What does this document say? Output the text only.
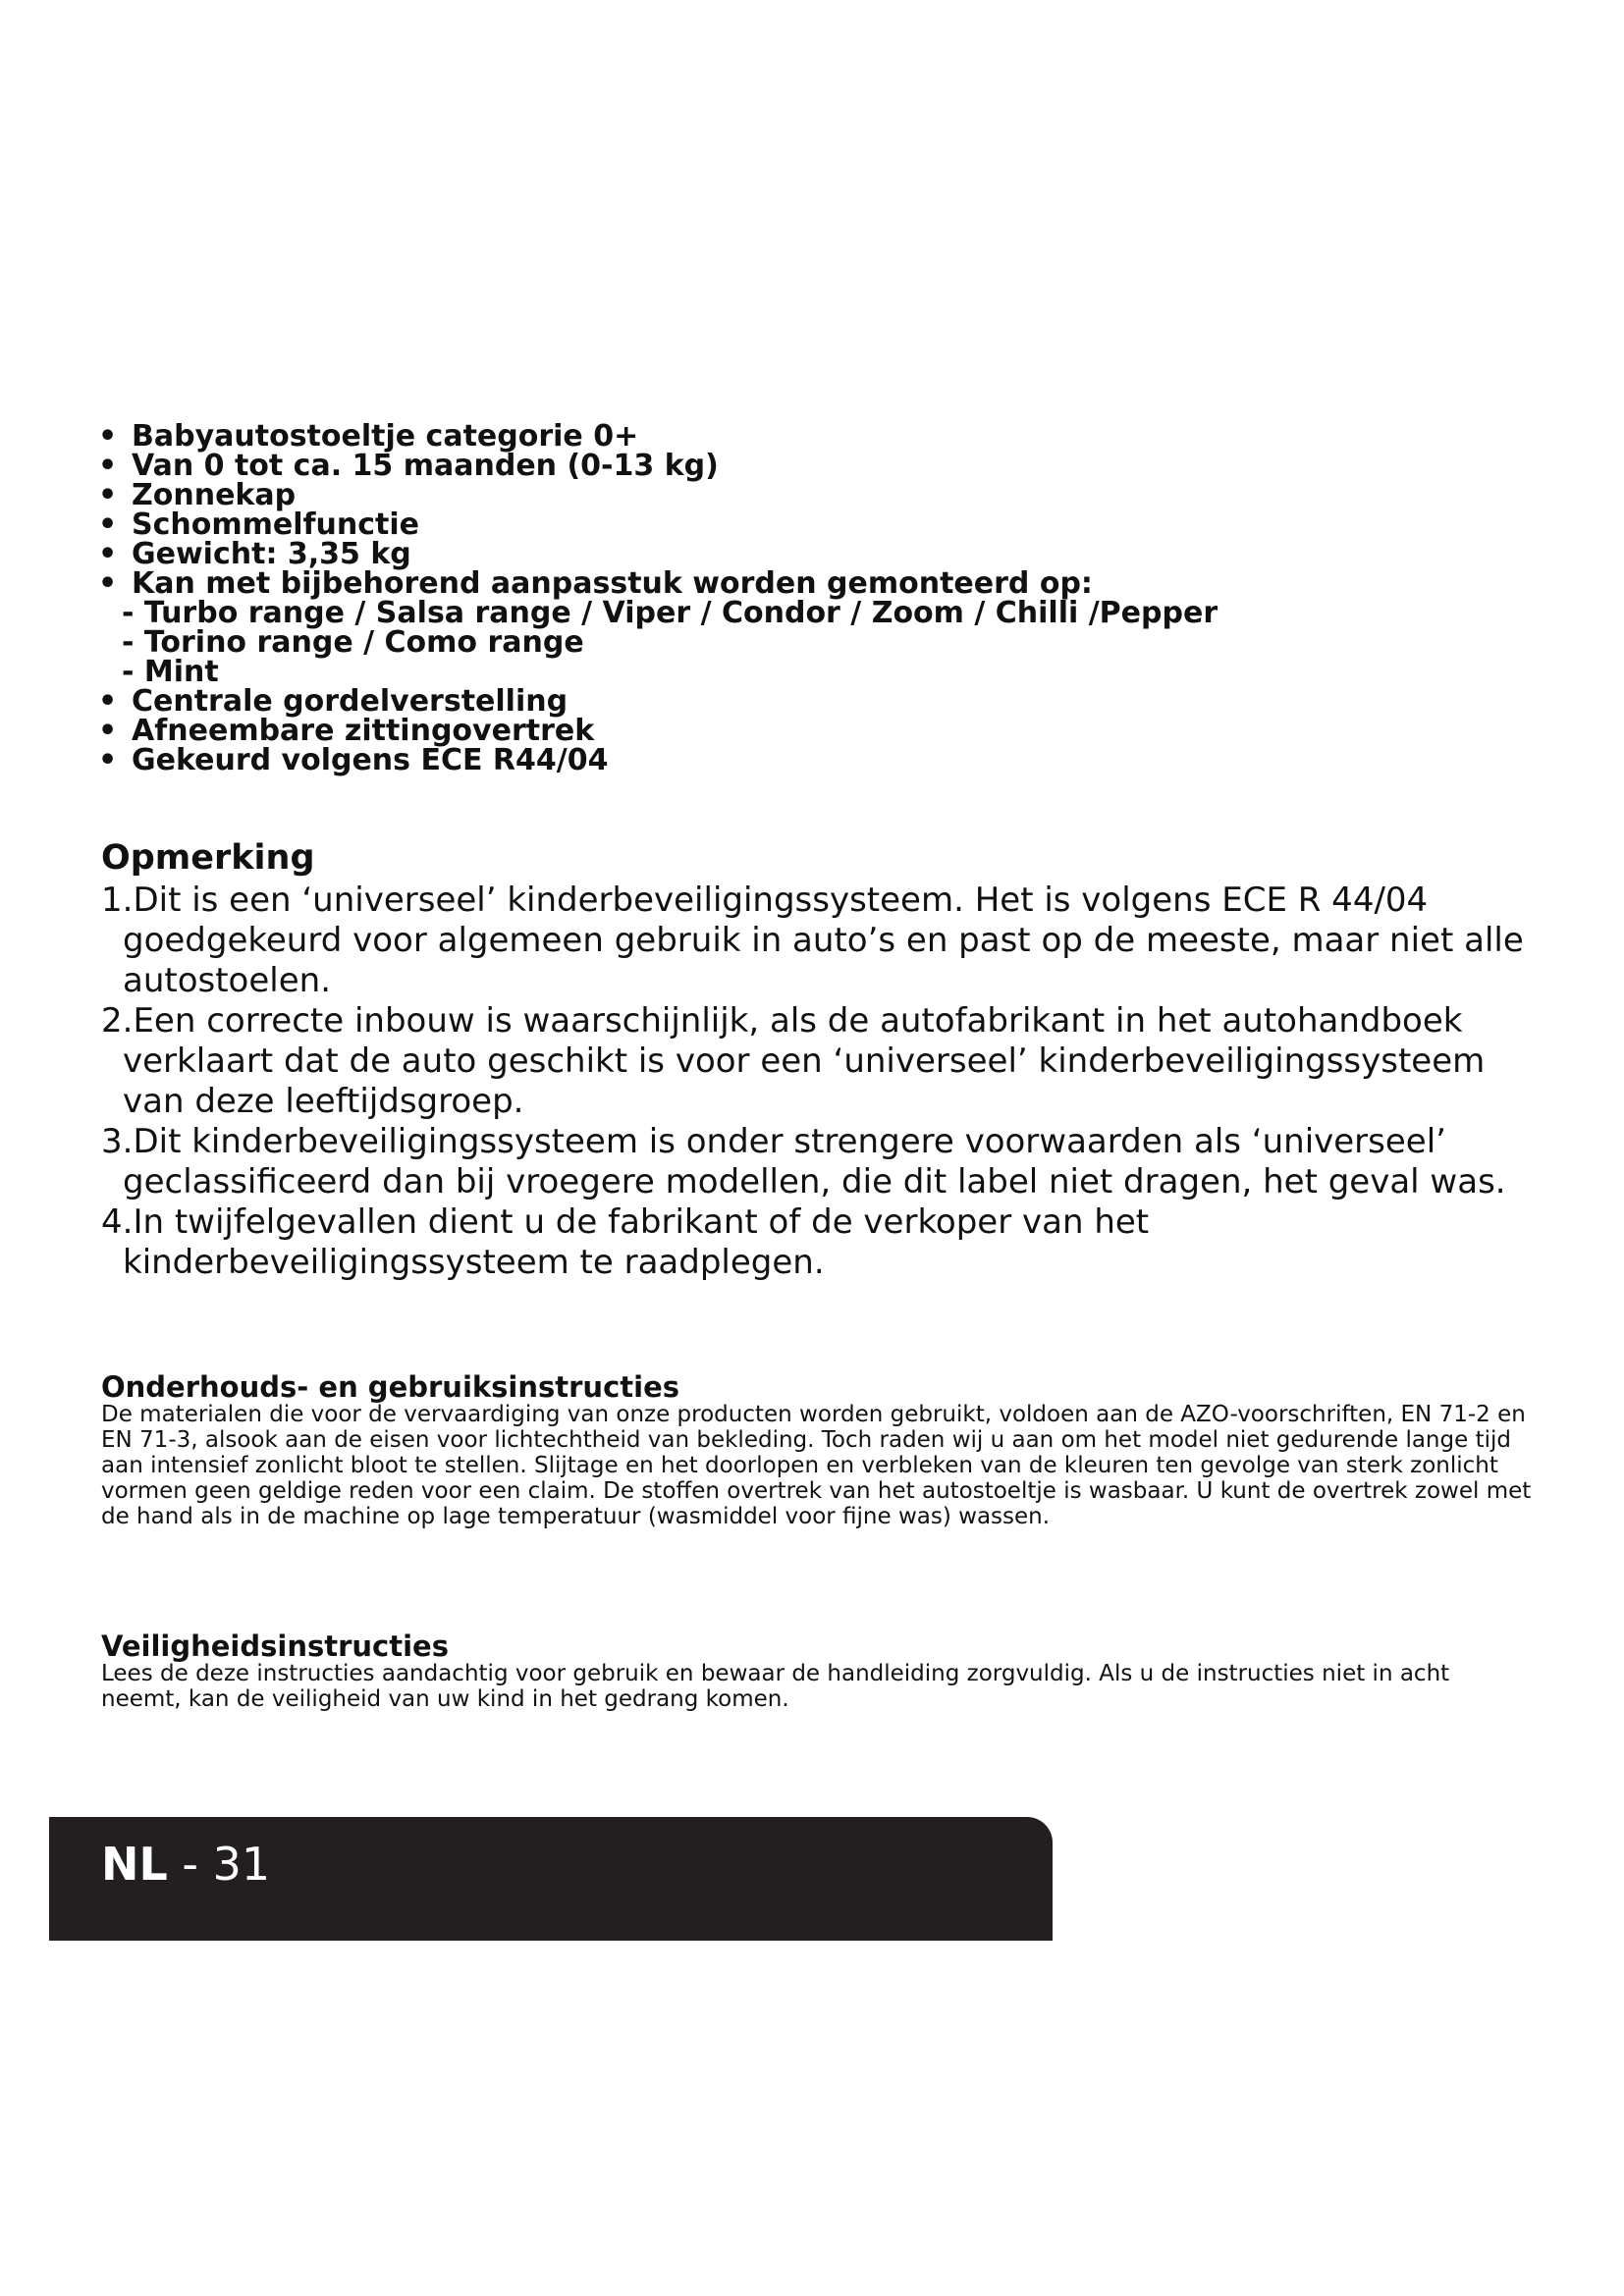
• Babyautostoeltje categorie 0+
• Van 0 tot ca. 15 maanden (0-13 kg)
• Zonnekap
• Schommelfunctie
• Gewicht: 3,35 kg
• Kan met bijbehorend aanpasstuk worden gemonteerd op:
- Turbo range / Salsa range / Viper / Condor / Zoom / Chilli /Pepper
- Torino range / Como range
- Mint
• Centrale gordelverstelling
• Afneembare zittingovertrek
• Gekeurd volgens ECE R44/04
Opmerking
1.Dit is een ‘universeel’ kinderbeveiligingssysteem. Het is volgens ECE R 44/04 goedgekeurd voor algemeen gebruik in auto’s en past op de meeste, maar niet alle autostoelen.
2.Een correcte inbouw is waarschijnlijk, als de autofabrikant in het autohandboek verklaart dat de auto geschikt is voor een ‘universeel’ kinderbeveiligingssysteem van deze leeftijdsgroep.
3.Dit kinderbeveiligingssysteem is onder strengere voorwaarden als ‘universeel’ geclassificeerd dan bij vroegere modellen, die dit label niet dragen, het geval was.
4.In twijfelgevallen dient u de fabrikant of de verkoper van het kinderbeveiligingssysteem te raadplegen.
Onderhouds- en gebruiksinstructies

De materialen die voor de vervaardiging van onze producten worden gebruikt, voldoen aan de AZO-voorschriften, EN 71-2 en EN 71-3, alsook aan de eisen voor lichtechtheid van bekleding. Toch raden wij u aan om het model niet gedurende lange tijd aan intensief zonlicht bloot te stellen. Slijtage en het doorlopen en verbleken van de kleuren ten gevolge van sterk zonlicht vormen geen geldige reden voor een claim. De stoffen overtrek van het autostoeltje is wasbaar. U kunt de overtrek zowel met de hand als in de machine op lage temperatuur (wasmiddel voor fijne was) wassen.

Veiligheidsinstructies

Lees de deze instructies aandachtig voor gebruik en bewaar de handleiding zorgvuldig. Als u de instructies niet in acht neemt, kan de veiligheid van uw kind in het gedrang komen.

NL - 31
